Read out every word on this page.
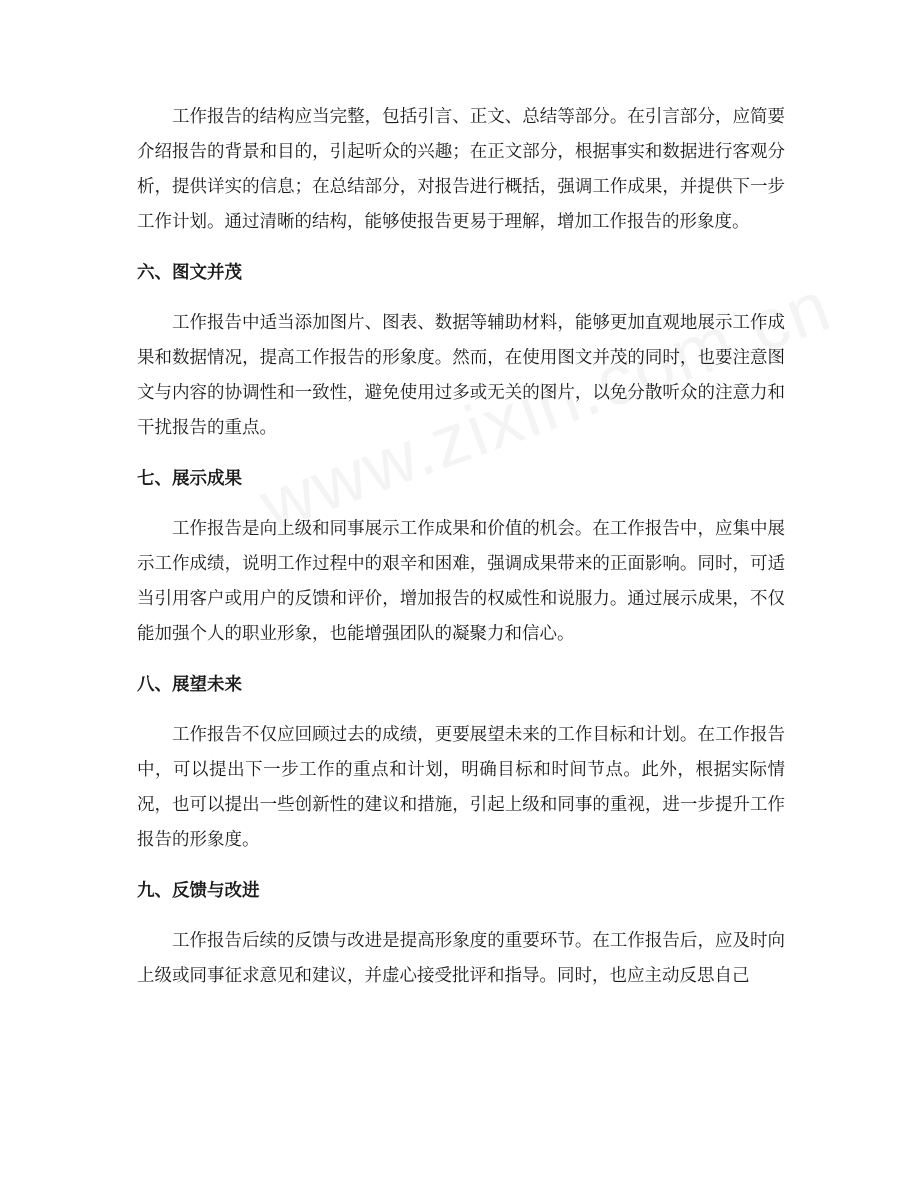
工作报告的结构应当完整，包括引言、正文、总结等部分。在引言部分，应简要介绍报告的背景和目的，引起听众的兴趣；在正文部分，根据事实和数据进行客观分析，提供详实的信息；在总结部分，对报告进行概括，强调工作成果，并提供下一步工作计划。通过清晰的结构，能够使报告更易于理解，增加工作报告的形象度。

六、图文并茂

工作报告中适当添加图片、图表、数据等辅助材料，能够更加直观地展示工作成果和数据情况，提高工作报告的形象度。然而，在使用图文并茂的同时，也要注意图文与内容的协调性和一致性，避免使用过多或无关的图片，以免分散听众的注意力和干扰报告的重点。

七、展示成果

工作报告是向上级和同事展示工作成果和价值的机会。在工作报告中，应集中展示工作成绩，说明工作过程中的艰辛和困难，强调成果带来的正面影响。同时，可适当引用客户或用户的反馈和评价，增加报告的权威性和说服力。通过展示成果，不仅能加强个人的职业形象，也能增强团队的凝聚力和信心。

八、展望未来

工作报告不仅应回顾过去的成绩，更要展望未来的工作目标和计划。在工作报告中，可以提出下一步工作的重点和计划，明确目标和时间节点。此外，根据实际情况，也可以提出一些创新性的建议和措施，引起上级和同事的重视，进一步提升工作报告的形象度。

九、反馈与改进

工作报告后续的反馈与改进是提高形象度的重要环节。在工作报告后，应及时向上级或同事征求意见和建议，并虚心接受批评和指导。同时，也应主动反思自己
